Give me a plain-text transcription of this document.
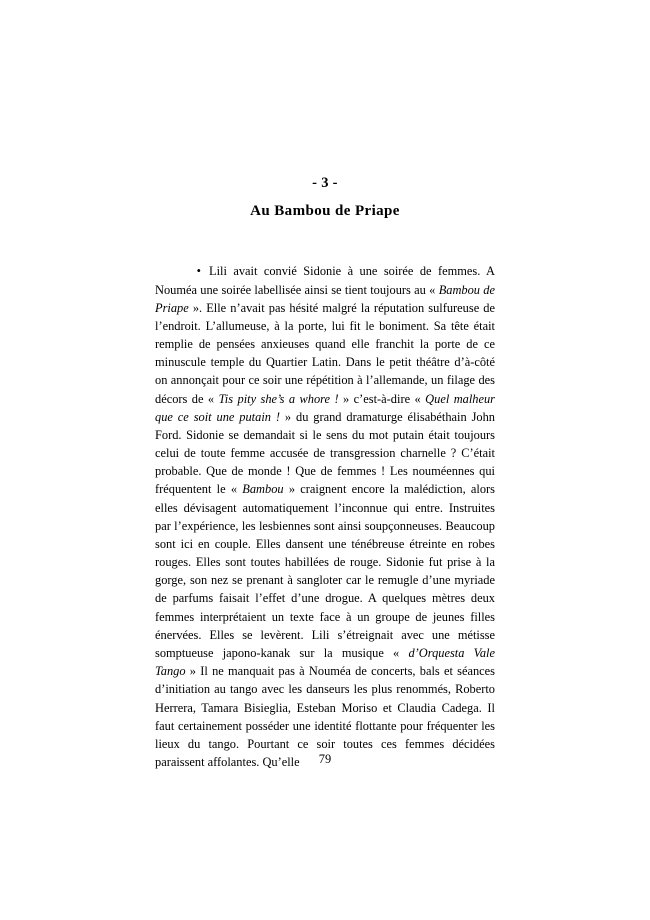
- 3 -
Au Bambou de Priape

• Lili avait convié Sidonie à une soirée de femmes. A Nouméa une soirée labellisée ainsi se tient toujours au « Bambou de Priape ». Elle n’avait pas hésité malgré la réputation sulfureuse de l’endroit. L’allumeuse, à la porte, lui fit le boniment. Sa tête était remplie de pensées anxieuses quand elle franchit la porte de ce minuscule temple du Quartier Latin. Dans le petit théâtre d’à-côté on annonçait pour ce soir une répétition à l’allemande, un filage des décors de « Tis pity she’s a whore ! » c’est-à-dire « Quel malheur que ce soit une putain ! » du grand dramaturge élisabéthain John Ford. Sidonie se demandait si le sens du mot putain était toujours celui de toute femme accusée de transgression charnelle ? C’était probable. Que de monde ! Que de femmes ! Les nouméennes qui fréquentent le « Bambou » craignent encore la malédiction, alors elles dévisagent automatiquement l’inconnue qui entre. Instruites par l’expérience, les lesbiennes sont ainsi soupçonneuses. Beaucoup sont ici en couple. Elles dansent une ténébreuse étreinte en robes rouges. Elles sont toutes habillées de rouge. Sidonie fut prise à la gorge, son nez se prenant à sangloter car le remugle d’une myriade de parfums faisait l’effet d’une drogue. A quelques mètres deux femmes interprétaient un texte face à un groupe de jeunes filles énervées. Elles se levèrent. Lili s’étreignait avec une métisse somptueuse japono-kanak sur la musique « d’Orquesta Vale Tango » Il ne manquait pas à Nouméa de concerts, bals et séances d’initiation au tango avec les danseurs les plus renommés, Roberto Herrera, Tamara Bisieglia, Esteban Moriso et Claudia Cadega. Il faut certainement posséder une identité flottante pour fréquenter les lieux du tango. Pourtant ce soir toutes ces femmes décidées paraissent affolantes. Qu’elle	79
